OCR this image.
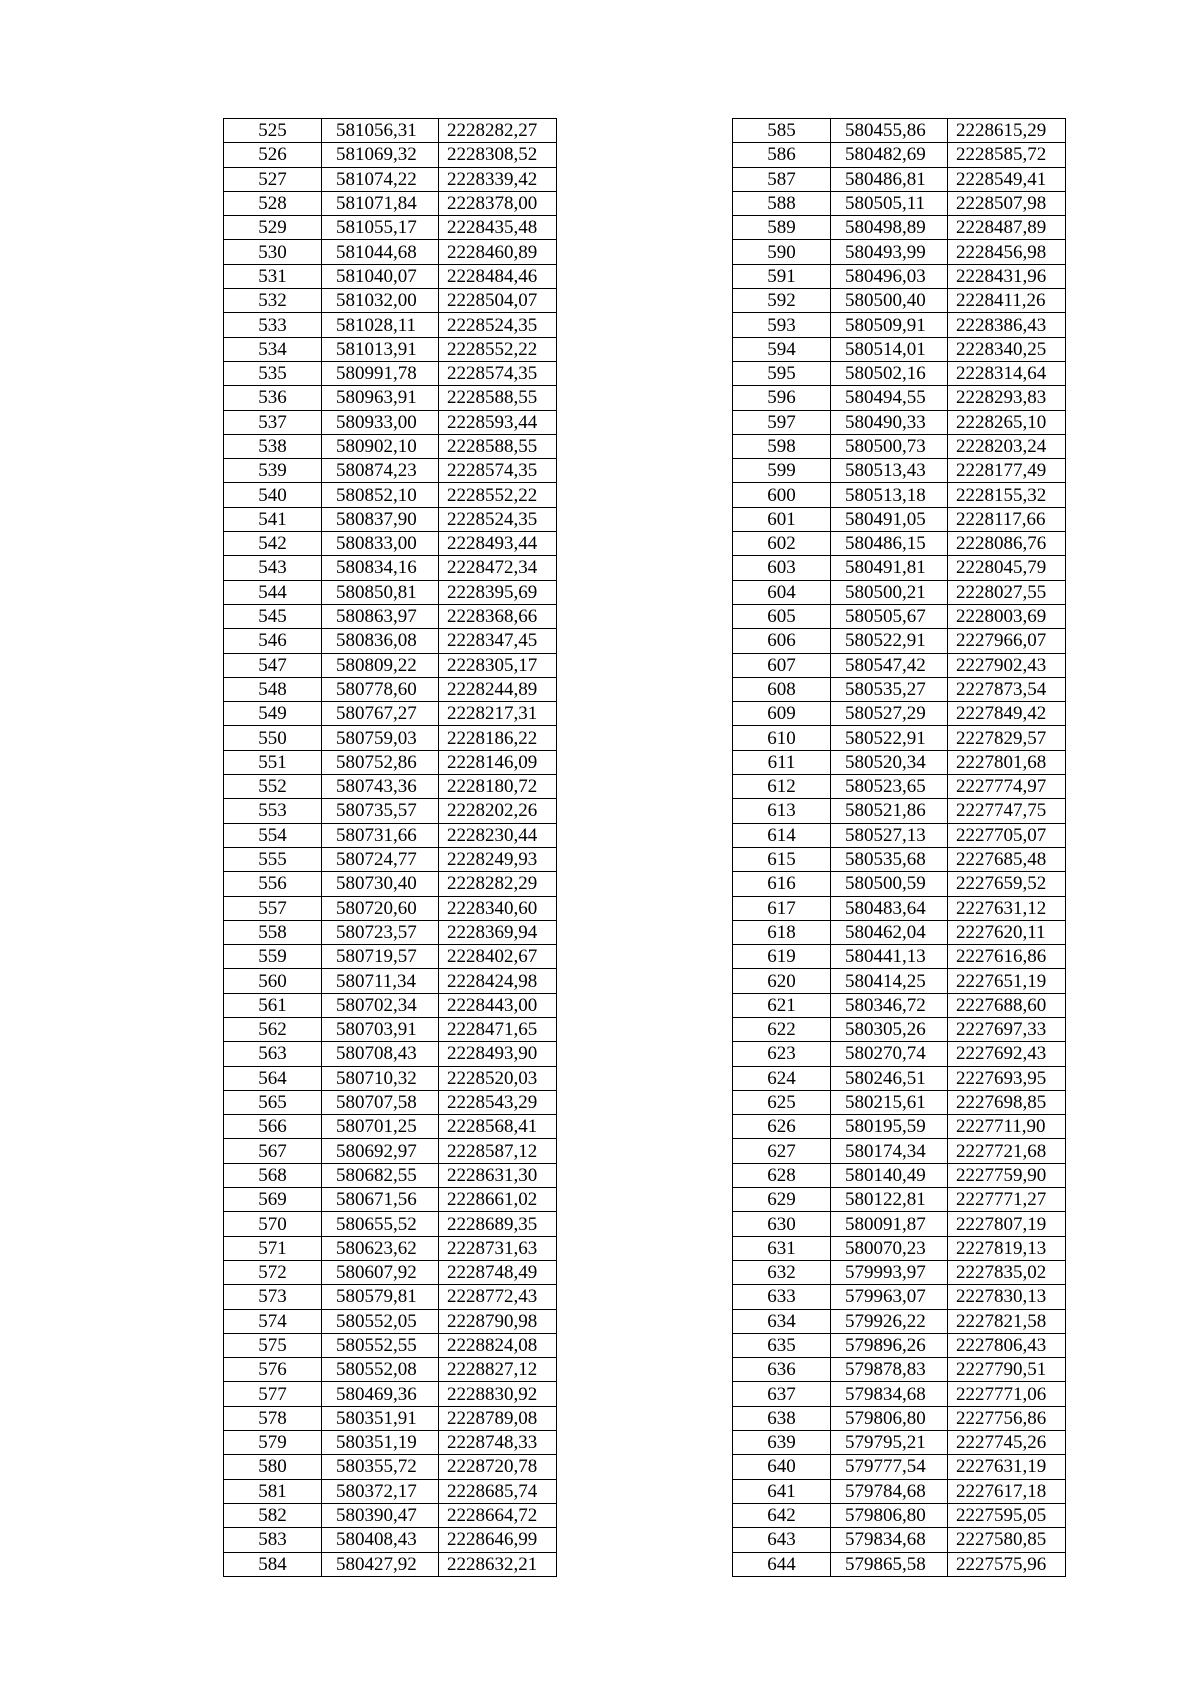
525	581056,31	2228282,27
526	581069,32	2228308,52
527	581074,22	2228339,42
528	581071,84	2228378,00
529	581055,17	2228435,48
530	581044,68	2228460,89
531	581040,07	2228484,46
532	581032,00	2228504,07
533	581028,11	2228524,35
534	581013,91	2228552,22
535	580991,78	2228574,35
536	580963,91	2228588,55
537	580933,00	2228593,44
538	580902,10	2228588,55
539	580874,23	2228574,35
540	580852,10	2228552,22
541	580837,90	2228524,35
542	580833,00	2228493,44
543	580834,16	2228472,34
544	580850,81	2228395,69
545	580863,97	2228368,66
546	580836,08	2228347,45
547	580809,22	2228305,17
548	580778,60	2228244,89
549	580767,27	2228217,31
550	580759,03	2228186,22
551	580752,86	2228146,09
552	580743,36	2228180,72
553	580735,57	2228202,26
554	580731,66	2228230,44
555	580724,77	2228249,93
556	580730,40	2228282,29
557	580720,60	2228340,60
558	580723,57	2228369,94
559	580719,57	2228402,67
560	580711,34	2228424,98
561	580702,34	2228443,00
562	580703,91	2228471,65
563	580708,43	2228493,90
564	580710,32	2228520,03
565	580707,58	2228543,29
566	580701,25	2228568,41
567	580692,97	2228587,12
568	580682,55	2228631,30
569	580671,56	2228661,02
570	580655,52	2228689,35
571	580623,62	2228731,63
572	580607,92	2228748,49
573	580579,81	2228772,43
574	580552,05	2228790,98
575	580552,55	2228824,08
576	580552,08	2228827,12
577	580469,36	2228830,92
578	580351,91	2228789,08
579	580351,19	2228748,33
580	580355,72	2228720,78
581	580372,17	2228685,74
582	580390,47	2228664,72
583	580408,43	2228646,99
584	580427,92	2228632,21
585	580455,86	2228615,29
586	580482,69	2228585,72
587	580486,81	2228549,41
588	580505,11	2228507,98
589	580498,89	2228487,89
590	580493,99	2228456,98
591	580496,03	2228431,96
592	580500,40	2228411,26
593	580509,91	2228386,43
594	580514,01	2228340,25
595	580502,16	2228314,64
596	580494,55	2228293,83
597	580490,33	2228265,10
598	580500,73	2228203,24
599	580513,43	2228177,49
600	580513,18	2228155,32
601	580491,05	2228117,66
602	580486,15	2228086,76
603	580491,81	2228045,79
604	580500,21	2228027,55
605	580505,67	2228003,69
606	580522,91	2227966,07
607	580547,42	2227902,43
608	580535,27	2227873,54
609	580527,29	2227849,42
610	580522,91	2227829,57
611	580520,34	2227801,68
612	580523,65	2227774,97
613	580521,86	2227747,75
614	580527,13	2227705,07
615	580535,68	2227685,48
616	580500,59	2227659,52
617	580483,64	2227631,12
618	580462,04	2227620,11
619	580441,13	2227616,86
620	580414,25	2227651,19
621	580346,72	2227688,60
622	580305,26	2227697,33
623	580270,74	2227692,43
624	580246,51	2227693,95
625	580215,61	2227698,85
626	580195,59	2227711,90
627	580174,34	2227721,68
628	580140,49	2227759,90
629	580122,81	2227771,27
630	580091,87	2227807,19
631	580070,23	2227819,13
632	579993,97	2227835,02
633	579963,07	2227830,13
634	579926,22	2227821,58
635	579896,26	2227806,43
636	579878,83	2227790,51
637	579834,68	2227771,06
638	579806,80	2227756,86
639	579795,21	2227745,26
640	579777,54	2227631,19
641	579784,68	2227617,18
642	579806,80	2227595,05
643	579834,68	2227580,85
644	579865,58	2227575,96
